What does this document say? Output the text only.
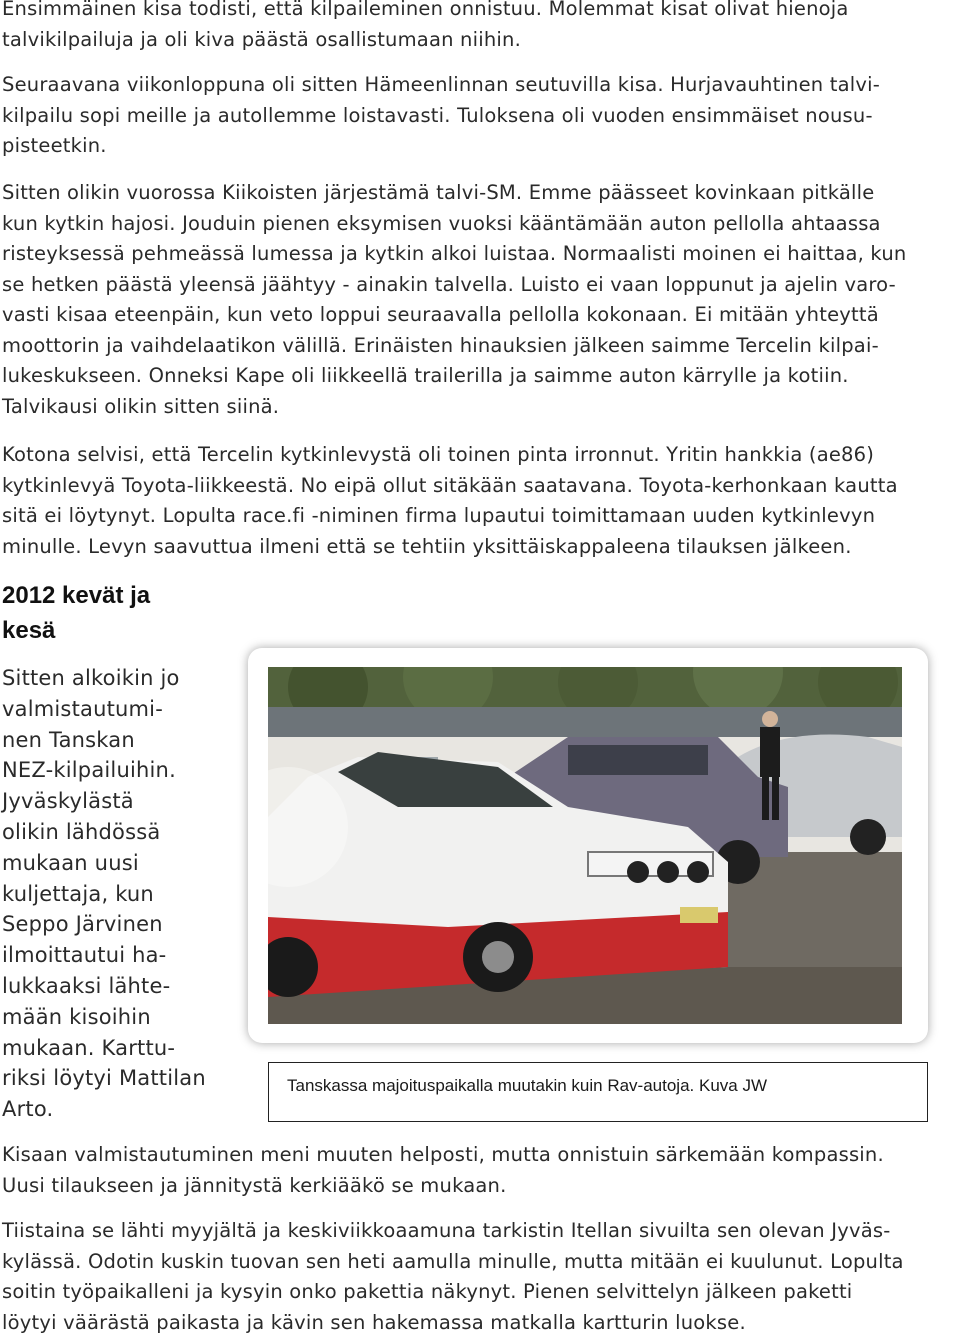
Ensimmäinen kisa todisti, että kilpaileminen onnistuu. Molemmat kisat olivat hienoja
talvikilpailuja ja oli kiva päästä osallistumaan niihin.
Seuraavana viikonloppuna oli sitten Hämeenlinnan seutuvilla kisa. Hurjavauhtinen talvi-
kilpailu sopi meille ja autollemme loistavasti. Tuloksena oli vuoden ensimmäiset nousu-
pisteetkin.
Sitten olikin vuorossa Kiikoisten järjestämä talvi-SM. Emme päässeet kovinkaan pitkälle
kun kytkin hajosi. Jouduin pienen eksymisen vuoksi kääntämään auton pellolla ahtaassa
risteyksessä pehmeässä lumessa ja kytkin alkoi luistaa. Normaalisti moinen ei haittaa, kun
se hetken päästä yleensä jäähtyy - ainakin talvella. Luisto ei vaan loppunut ja ajelin varo-
vasti kisaa eteenpäin, kun veto loppui seuraavalla pellolla kokonaan. Ei mitään yhteyttä
moottorin ja vaihdelaatikon välillä. Erinäisten hinauksien jälkeen saimme Tercelin kilpai-
lukeskukseen. Onneksi Kape oli liikkeellä trailerilla ja saimme auton kärrylle ja kotiin.
Talvikausi olikin sitten siinä.
Kotona selvisi, että Tercelin kytkinlevystä oli toinen pinta irronnut. Yritin hankkia (ae86)
kytkinlevyä Toyota-liikkeestä. No eipä ollut sitäkään saatavana. Toyota-kerhonkaan kautta
sitä ei löytynyt. Lopulta race.fi -niminen firma lupautui toimittamaan uuden kytkinlevyn
minulle. Levyn saavuttua ilmeni että se tehtiin yksittäiskappaleena tilauksen jälkeen.
2012 kevät ja
kesä
Sitten alkoikin jo
valmistautumi-
nen Tanskan
NEZ-kilpailuihin.
Jyväskylästä
olikin lähdössä
mukaan uusi
kuljettaja, kun
Seppo Järvinen
ilmoittautui ha-
lukkaaksi lähte-
mään kisoihin
mukaan. Karttu-
riksi löytyi Mattilan
Arto.

Tanskassa majoituspaikalla muutakin kuin Rav-autoja. Kuva JW

Kisaan valmistautuminen meni muuten helposti, mutta onnistuin särkemään kompassin.
Uusi tilaukseen ja jännitystä kerkiääkö se mukaan.
Tiistaina se lähti myyjältä ja keskiviikkoaamuna tarkistin Itellan sivuilta sen olevan Jyväs-
kylässä. Odotin kuskin tuovan sen heti aamulla minulle, mutta mitään ei kuulunut. Lopulta
soitin työpaikalleni ja kysyin onko pakettia näkynyt. Pienen selvittelyn jälkeen paketti
löytyi väärästä paikasta ja kävin sen hakemassa matkalla kartturin luokse.
